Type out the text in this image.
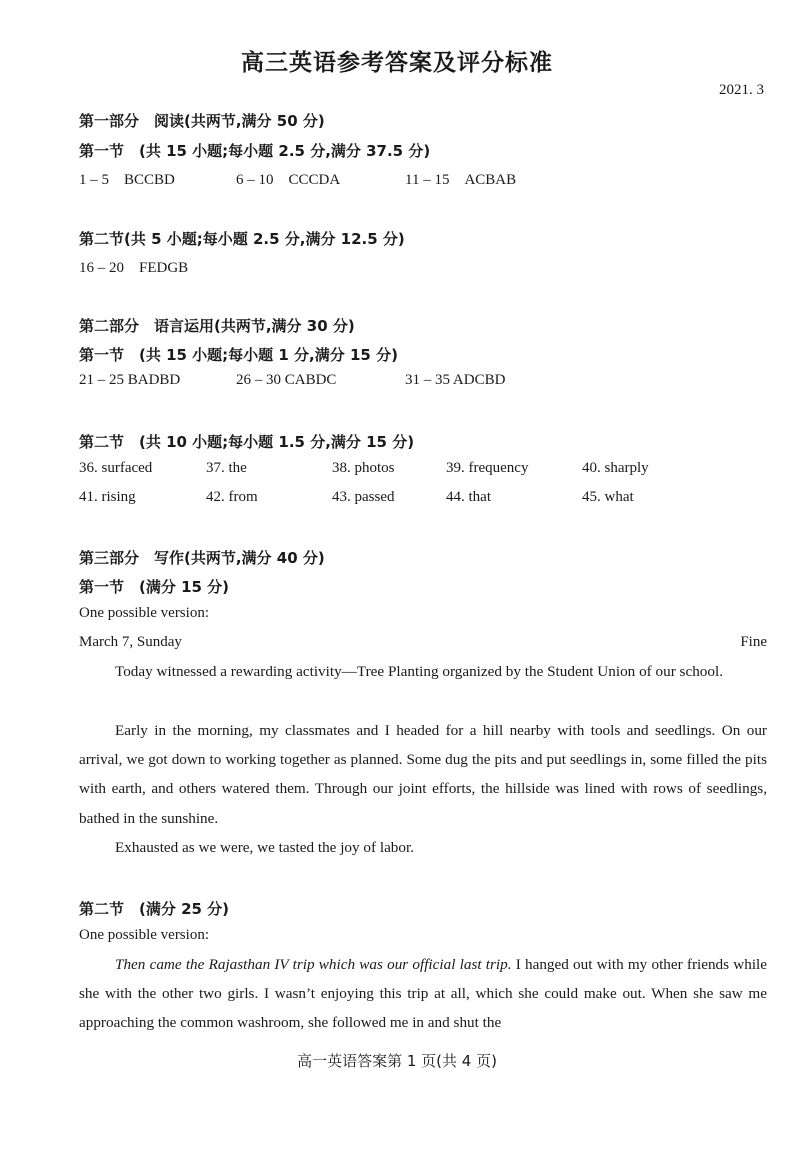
高三英语参考答案及评分标准
2021. 3
第一部分　阅读(共两节,满分 50 分)
第一节　(共 15 小题;每小题 2.5 分,满分 37.5 分)
1 – 5　BCCBD	6 – 10　CCCDA	11 – 15　ACBAB
第二节(共 5 小题;每小题 2.5 分,满分 12.5 分)
16 – 20　FEDGB
第二部分　语言运用(共两节,满分 30 分)
第一节　(共 15 小题;每小题 1 分,满分 15 分)
21 – 25 BADBD	26 – 30 CABDC	31 – 35 ADCBD
第二节　(共 10 小题;每小题 1.5 分,满分 15 分)
36. surfaced	37. the	38. photos	39. frequency	40. sharply
41. rising	42. from	43. passed	44. that	45. what
第三部分　写作(共两节,满分 40 分)
第一节　(满分 15 分)
One possible version:
March 7, Sunday	Fine
Today witnessed a rewarding activity—Tree Planting organized by the Student Union of our school.
Early in the morning, my classmates and I headed for a hill nearby with tools and seedlings. On our arrival, we got down to working together as planned. Some dug the pits and put seedlings in, some filled the pits with earth, and others watered them. Through our joint efforts, the hillside was lined with rows of seedlings, bathed in the sunshine.
Exhausted as we were, we tasted the joy of labor.
第二节　(满分 25 分)
One possible version:
Then came the Rajasthan IV trip which was our official last trip. I hanged out with my other friends while she with the other two girls. I wasn’t enjoying this trip at all, which she could make out. When she saw me approaching the common washroom, she followed me in and shut the
高一英语答案第 1 页(共 4 页)
